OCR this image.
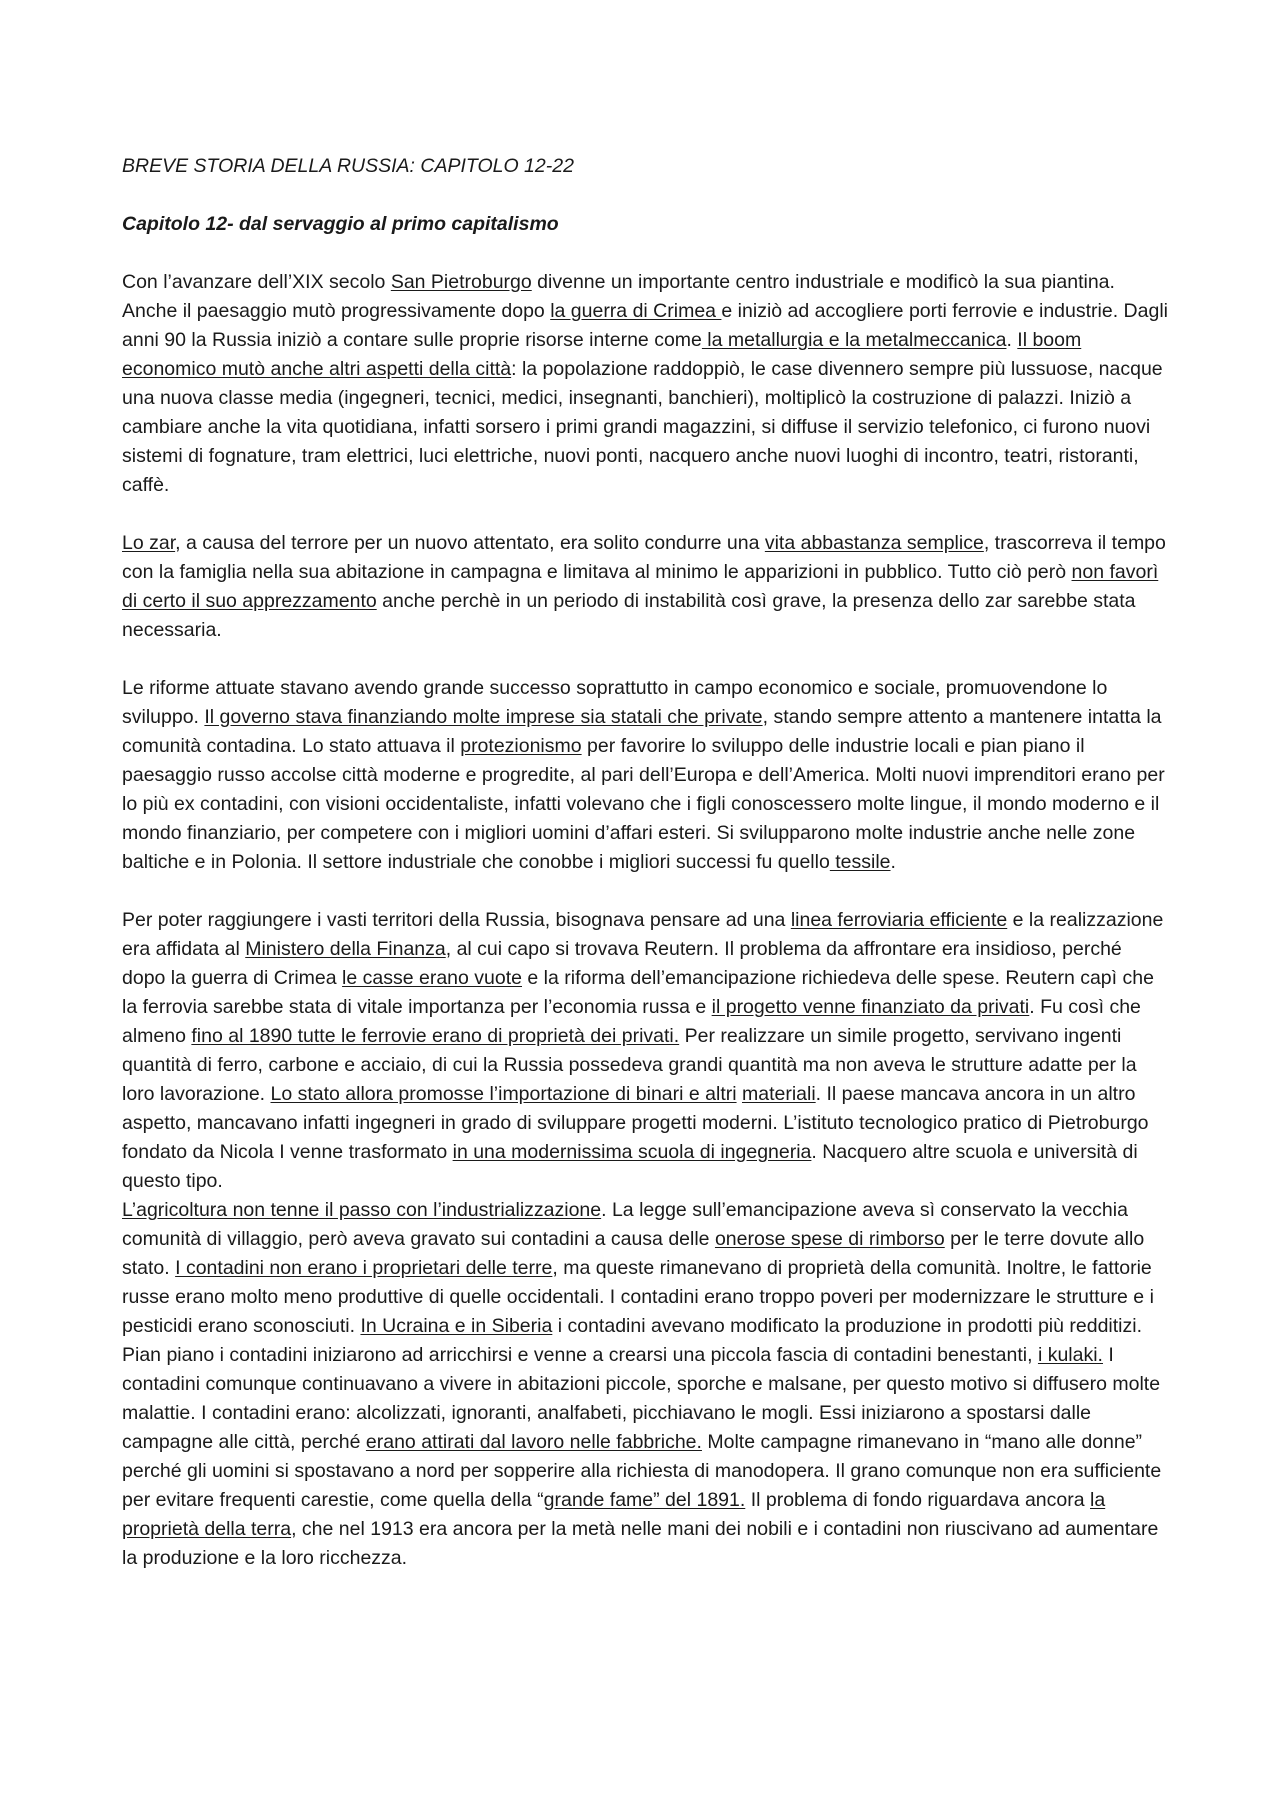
BREVE STORIA DELLA RUSSIA: CAPITOLO 12-22

Capitolo 12- dal servaggio al primo capitalismo

Con l’avanzare dell’XIX secolo San Pietroburgo divenne un importante centro industriale e modificò la sua piantina. Anche il paesaggio mutò progressivamente dopo la guerra di Crimea e iniziò ad accogliere porti ferrovie e industrie. Dagli anni 90 la Russia iniziò a contare sulle proprie risorse interne come la metallurgia e la metalmeccanica. Il boom economico mutò anche altri aspetti della città: la popolazione raddoppiò, le case divennero sempre più lussuose, nacque una nuova classe media (ingegneri, tecnici, medici, insegnanti, banchieri), moltiplicò la costruzione di palazzi. Iniziò a cambiare anche la vita quotidiana, infatti sorsero i primi grandi magazzini, si diffuse il servizio telefonico, ci furono nuovi sistemi di fognature, tram elettrici, luci elettriche, nuovi ponti, nacquero anche nuovi luoghi di incontro, teatri, ristoranti, caffè.

Lo zar, a causa del terrore per un nuovo attentato, era solito condurre una vita abbastanza semplice, trascorreva il tempo con la famiglia nella sua abitazione in campagna e limitava al minimo le apparizioni in pubblico. Tutto ciò però non favorì di certo il suo apprezzamento anche perchè in un periodo di instabilità così grave, la presenza dello zar sarebbe stata necessaria.

Le riforme attuate stavano avendo grande successo soprattutto in campo economico e sociale, promuovendone lo sviluppo. Il governo stava finanziando molte imprese sia statali che private, stando sempre attento a mantenere intatta la comunità contadina. Lo stato attuava il protezionismo per favorire lo sviluppo delle industrie locali e pian piano il paesaggio russo accolse città moderne e progredite, al pari dell’Europa e dell’America. Molti nuovi imprenditori erano per lo più ex contadini, con visioni occidentaliste, infatti volevano che i figli conoscessero molte lingue, il mondo moderno e il mondo finanziario, per competere con i migliori uomini d’affari esteri. Si svilupparono molte industrie anche nelle zone baltiche e in Polonia. Il settore industriale che conobbe i migliori successi fu quello tessile.

Per poter raggiungere i vasti territori della Russia, bisognava pensare ad una linea ferroviaria efficiente e la realizzazione era affidata al Ministero della Finanza, al cui capo si trovava Reutern. Il problema da affrontare era insidioso, perché dopo la guerra di Crimea le casse erano vuote e la riforma dell’emancipazione richiedeva delle spese. Reutern capì che la ferrovia sarebbe stata di vitale importanza per l’economia russa e il progetto venne finanziato da privati. Fu così che almeno fino al 1890 tutte le ferrovie erano di proprietà dei privati. Per realizzare un simile progetto, servivano ingenti quantità di ferro, carbone e acciaio, di cui la Russia possedeva grandi quantità ma non aveva le strutture adatte per la loro lavorazione. Lo stato allora promosse l’importazione di binari e altri materiali. Il paese mancava ancora in un altro aspetto, mancavano infatti ingegneri in grado di sviluppare progetti moderni. L’istituto tecnologico pratico di Pietroburgo fondato da Nicola I venne trasformato in una modernissima scuola di ingegneria. Nacquero altre scuola e università di questo tipo.

L’agricoltura non tenne il passo con l’industrializzazione. La legge sull’emancipazione aveva sì conservato la vecchia comunità di villaggio, però aveva gravato sui contadini a causa delle onerose spese di rimborso per le terre dovute allo stato. I contadini non erano i proprietari delle terre, ma queste rimanevano di proprietà della comunità. Inoltre, le fattorie russe erano molto meno produttive di quelle occidentali. I contadini erano troppo poveri per modernizzare le strutture e i pesticidi erano sconosciuti. In Ucraina e in Siberia i contadini avevano modificato la produzione in prodotti più redditizi. Pian piano i contadini iniziarono ad arricchirsi e venne a crearsi una piccola fascia di contadini benestanti, i kulaki. I contadini comunque continuavano a vivere in abitazioni piccole, sporche e malsane, per questo motivo si diffusero molte malattie. I contadini erano: alcolizzati, ignoranti, analfabeti, picchiavano le mogli. Essi iniziarono a spostarsi dalle campagne alle città, perché erano attirati dal lavoro nelle fabbriche. Molte campagne rimanevano in “mano alle donne” perché gli uomini si spostavano a nord per sopperire alla richiesta di manodopera. Il grano comunque non era sufficiente per evitare frequenti carestie, come quella della “grande fame” del 1891. Il problema di fondo riguardava ancora la proprietà della terra, che nel 1913 era ancora per la metà nelle mani dei nobili e i contadini non riuscivano ad aumentare la produzione e la loro ricchezza.
